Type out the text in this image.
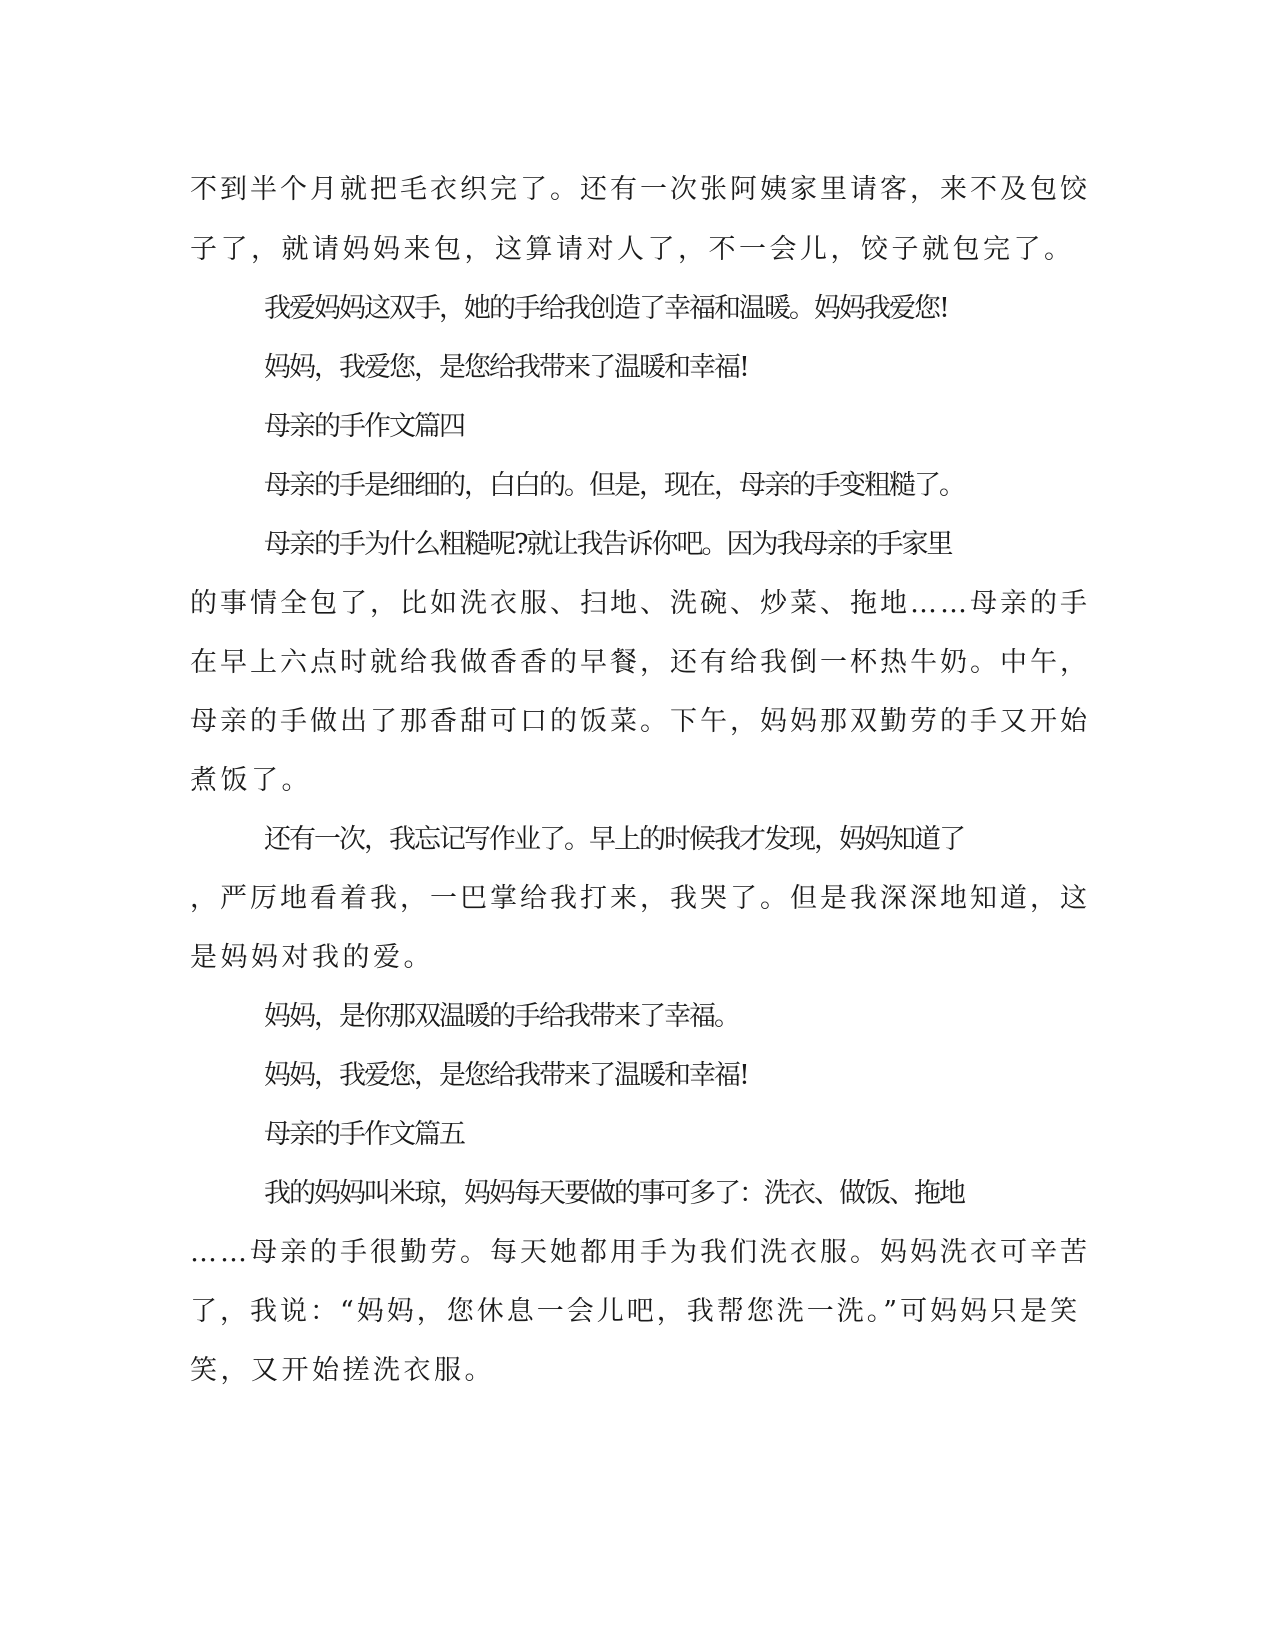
不到半个月就把毛衣织完了。还有一次张阿姨家里请客，来不及包饺
子了，就请妈妈来包，这算请对人了，不一会儿，饺子就包完了。
我爱妈妈这双手，她的手给我创造了幸福和温暖。妈妈我爱您!
妈妈，我爱您，是您给我带来了温暖和幸福!
母亲的手作文篇四
母亲的手是细细的，白白的。但是，现在，母亲的手变粗糙了。
母亲的手为什么粗糙呢?就让我告诉你吧。因为我母亲的手家里
的事情全包了，比如洗衣服、扫地、洗碗、炒菜、拖地……母亲的手
在早上六点时就给我做香香的早餐，还有给我倒一杯热牛奶。中午，
母亲的手做出了那香甜可口的饭菜。下午，妈妈那双勤劳的手又开始
煮饭了。
还有一次，我忘记写作业了。早上的时候我才发现，妈妈知道了
，严厉地看着我，一巴掌给我打来，我哭了。但是我深深地知道，这
是妈妈对我的爱。
妈妈，是你那双温暖的手给我带来了幸福。
妈妈，我爱您，是您给我带来了温暖和幸福!
母亲的手作文篇五
我的妈妈叫米琼，妈妈每天要做的事可多了：洗衣、做饭、拖地
……母亲的手很勤劳。每天她都用手为我们洗衣服。妈妈洗衣可辛苦
了，我说：“妈妈，您休息一会儿吧，我帮您洗一洗。”可妈妈只是笑
笑，又开始搓洗衣服。
